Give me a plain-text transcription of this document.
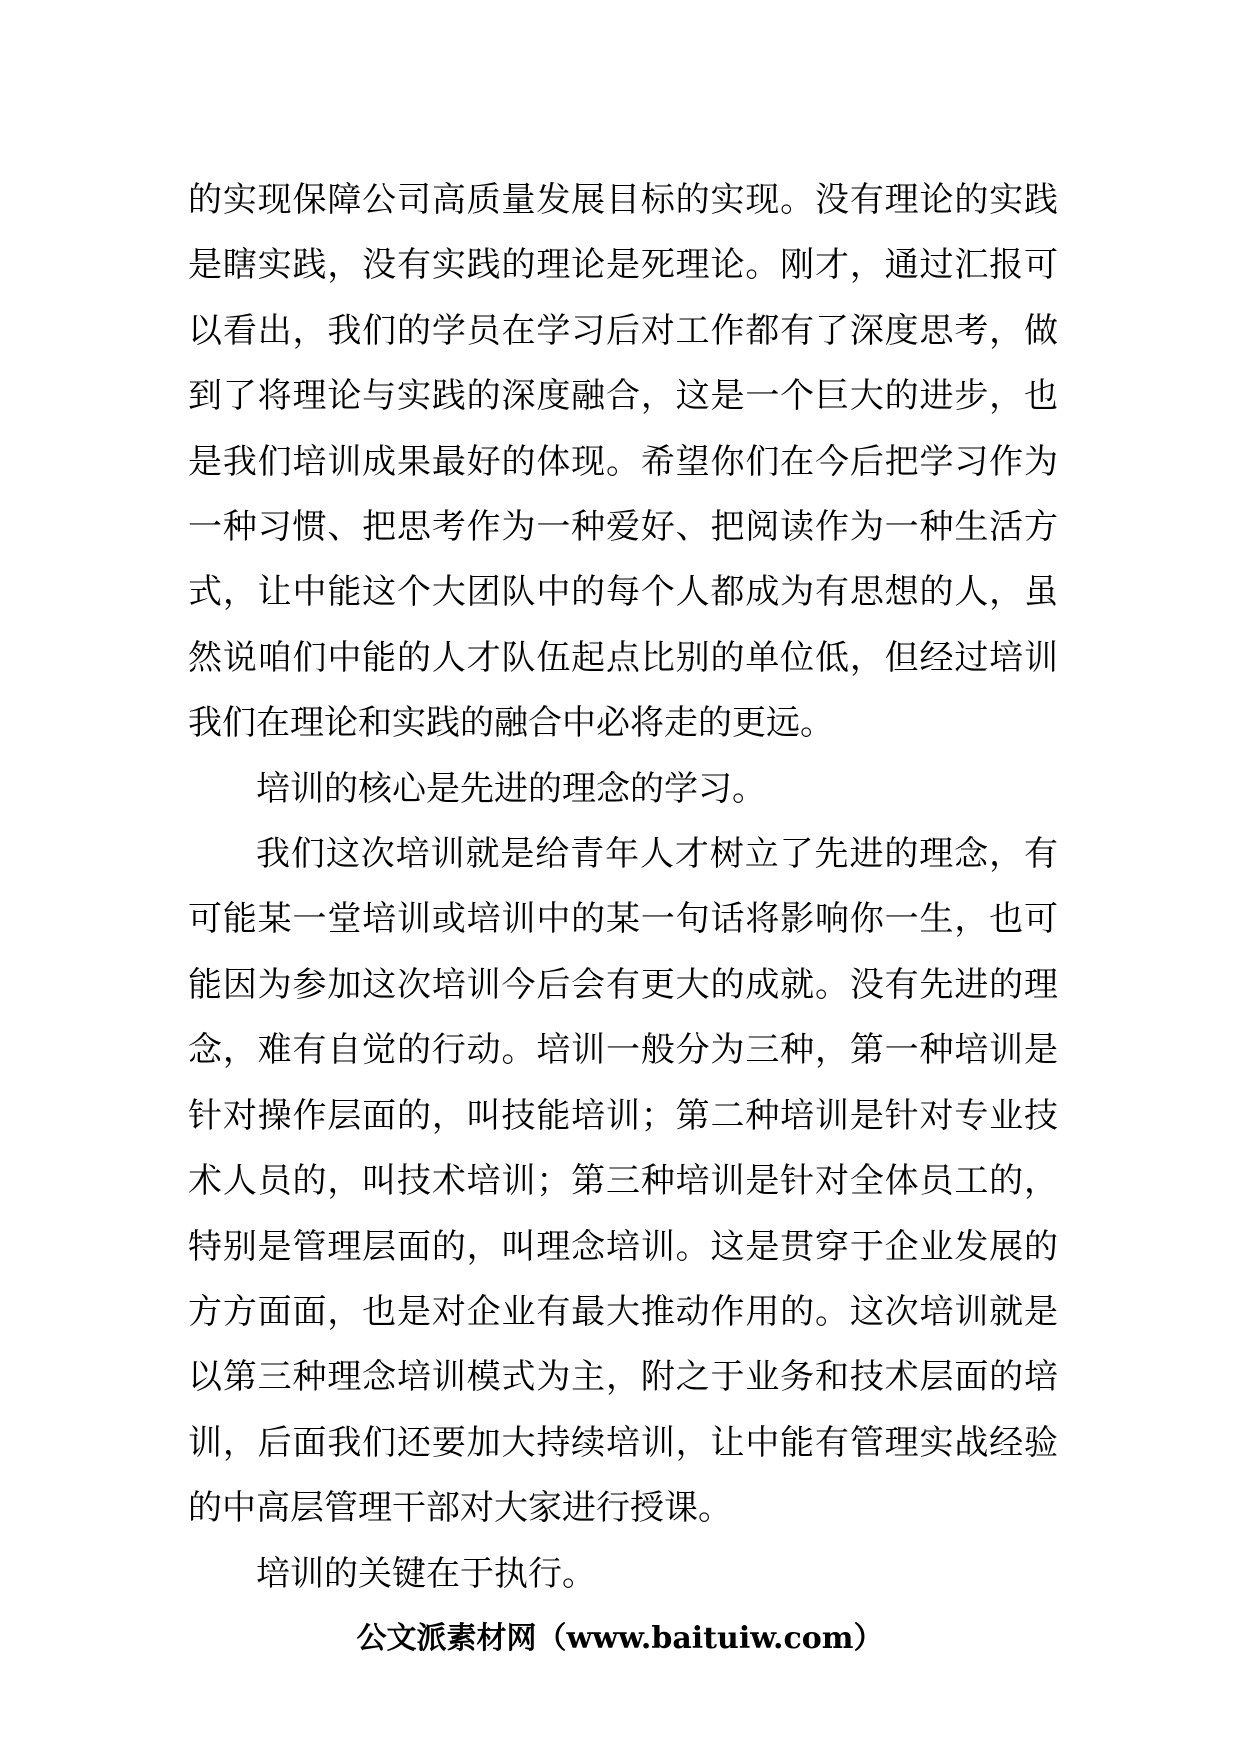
的实现保障公司高质量发展目标的实现。没有理论的实践是瞎实践，没有实践的理论是死理论。刚才，通过汇报可以看出，我们的学员在学习后对工作都有了深度思考，做到了将理论与实践的深度融合，这是一个巨大的进步，也是我们培训成果最好的体现。希望你们在今后把学习作为一种习惯、把思考作为一种爱好、把阅读作为一种生活方式，让中能这个大团队中的每个人都成为有思想的人，虽然说咱们中能的人才队伍起点比别的单位低，但经过培训我们在理论和实践的融合中必将走的更远。

培训的核心是先进的理念的学习。

我们这次培训就是给青年人才树立了先进的理念，有可能某一堂培训或培训中的某一句话将影响你一生，也可能因为参加这次培训今后会有更大的成就。没有先进的理念，难有自觉的行动。培训一般分为三种，第一种培训是针对操作层面的，叫技能培训；第二种培训是针对专业技术人员的，叫技术培训；第三种培训是针对全体员工的，特别是管理层面的，叫理念培训。这是贯穿于企业发展的方方面面，也是对企业有最大推动作用的。这次培训就是以第三种理念培训模式为主，附之于业务和技术层面的培训，后面我们还要加大持续培训，让中能有管理实战经验的中高层管理干部对大家进行授课。

培训的关键在于执行。

公文派素材网（www.baituiw.com）
